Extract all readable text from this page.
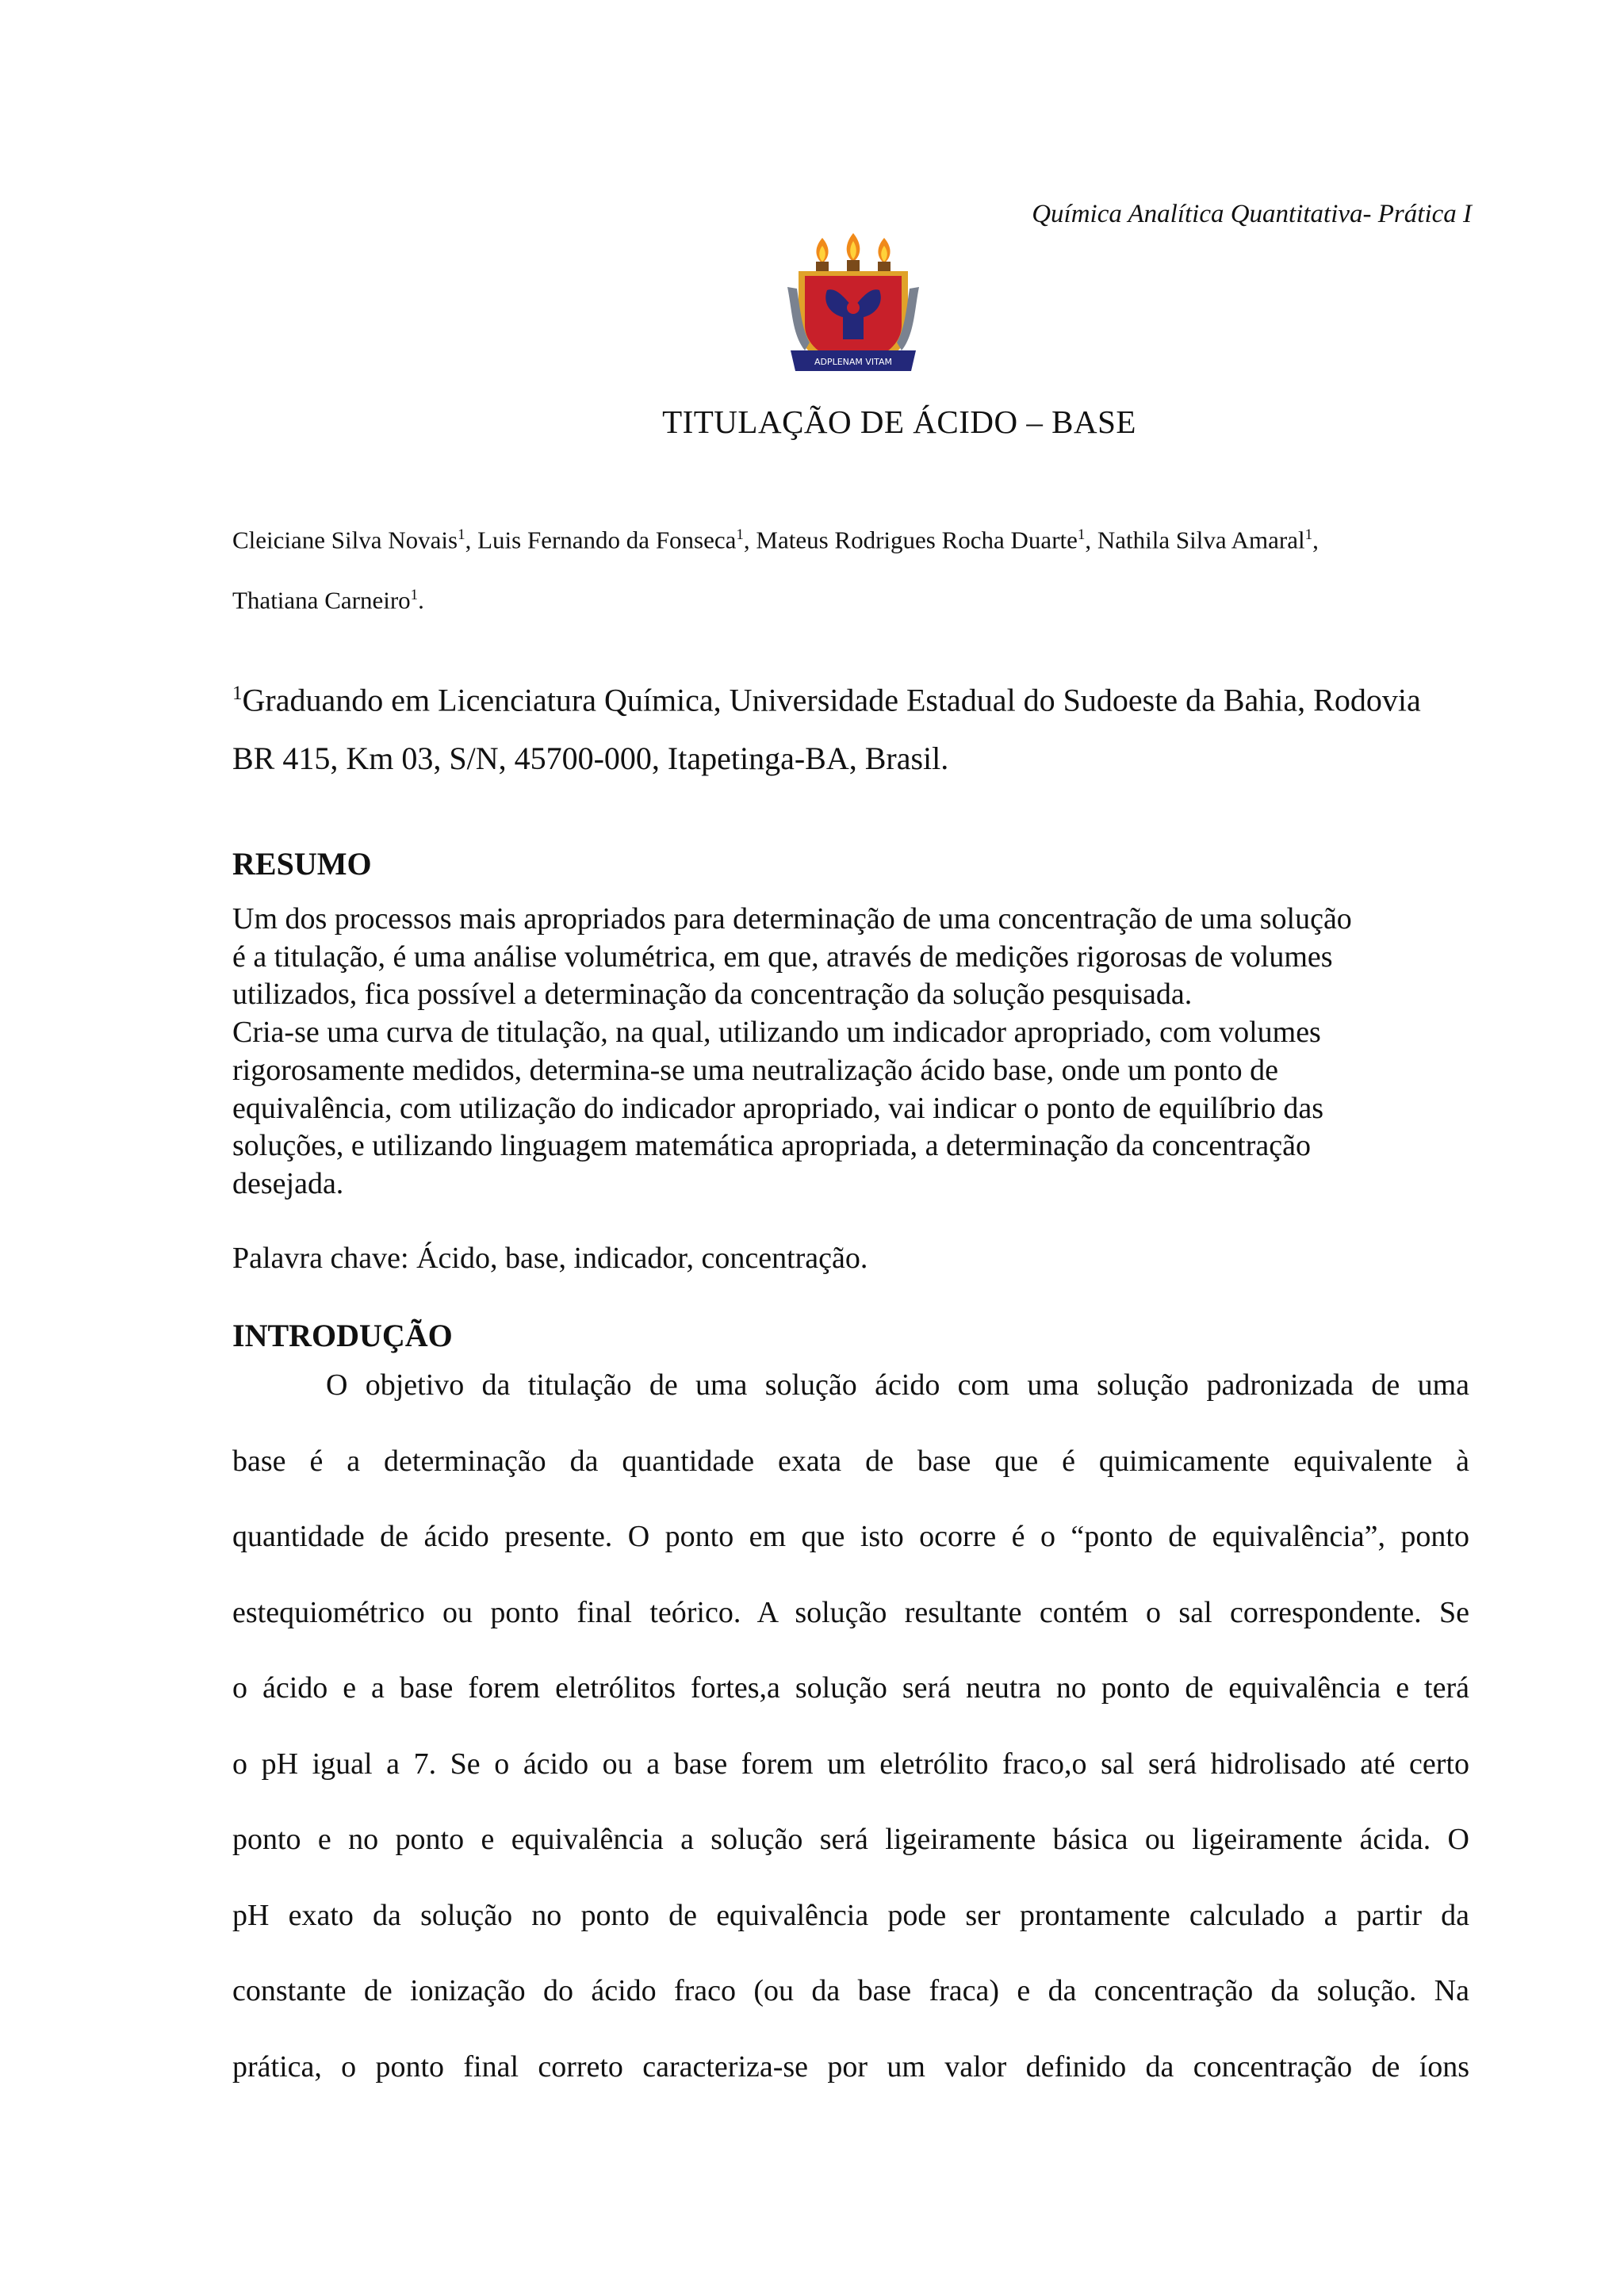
Química Analítica Quantitativa- Prática I
ADPLENAM VITAM
TITULAÇÃO DE ÁCIDO – BASE
Cleiciane Silva Novais$^1$, Luis Fernando da Fonseca$^1$, Mateus Rodrigues Rocha Duarte$^1$, Nathila Silva Amaral$^1$,
Thatiana Carneiro$^1$.
$^1$Graduando em Licenciatura Química, Universidade Estadual do Sudoeste da Bahia, Rodovia
BR 415, Km 03, S/N, 45700-000, Itapetinga-BA, Brasil.
RESUMO

Um dos processos mais apropriados para determinação de uma concentração de uma solução

é a titulação, é uma análise volumétrica, em que, através de medições rigorosas de volumes

utilizados, fica possível a determinação da concentração da solução pesquisada.

Cria-se uma curva de titulação, na qual, utilizando um indicador apropriado, com volumes

rigorosamente medidos, determina-se uma neutralização ácido base, onde um ponto de

equivalência, com utilização do indicador apropriado, vai indicar o ponto de equilíbrio das

soluções, e utilizando linguagem matemática apropriada, a determinação da concentração

desejada.

Palavra chave: Ácido, base, indicador, concentração.
INTRODUÇÃO
O objetivo da titulação de uma solução ácido com uma solução padronizada de uma
base é a determinação da quantidade exata de base que é quimicamente equivalente à
quantidade de ácido presente. O ponto em que isto ocorre é o “ponto de equivalência”, ponto
estequiométrico ou ponto final teórico. A solução resultante contém o sal correspondente. Se
o ácido e a base forem eletrólitos fortes,a solução será neutra no ponto de equivalência e terá
o pH igual a 7. Se o ácido ou a base forem um eletrólito fraco,o sal será hidrolisado até certo
ponto e no ponto e equivalência a solução será ligeiramente básica ou ligeiramente ácida. O
pH exato da solução no ponto de equivalência pode ser prontamente calculado a partir da
constante de ionização do ácido fraco (ou da base fraca) e da concentração da solução. Na
prática, o ponto final correto caracteriza-se por um valor definido da concentração de íons
